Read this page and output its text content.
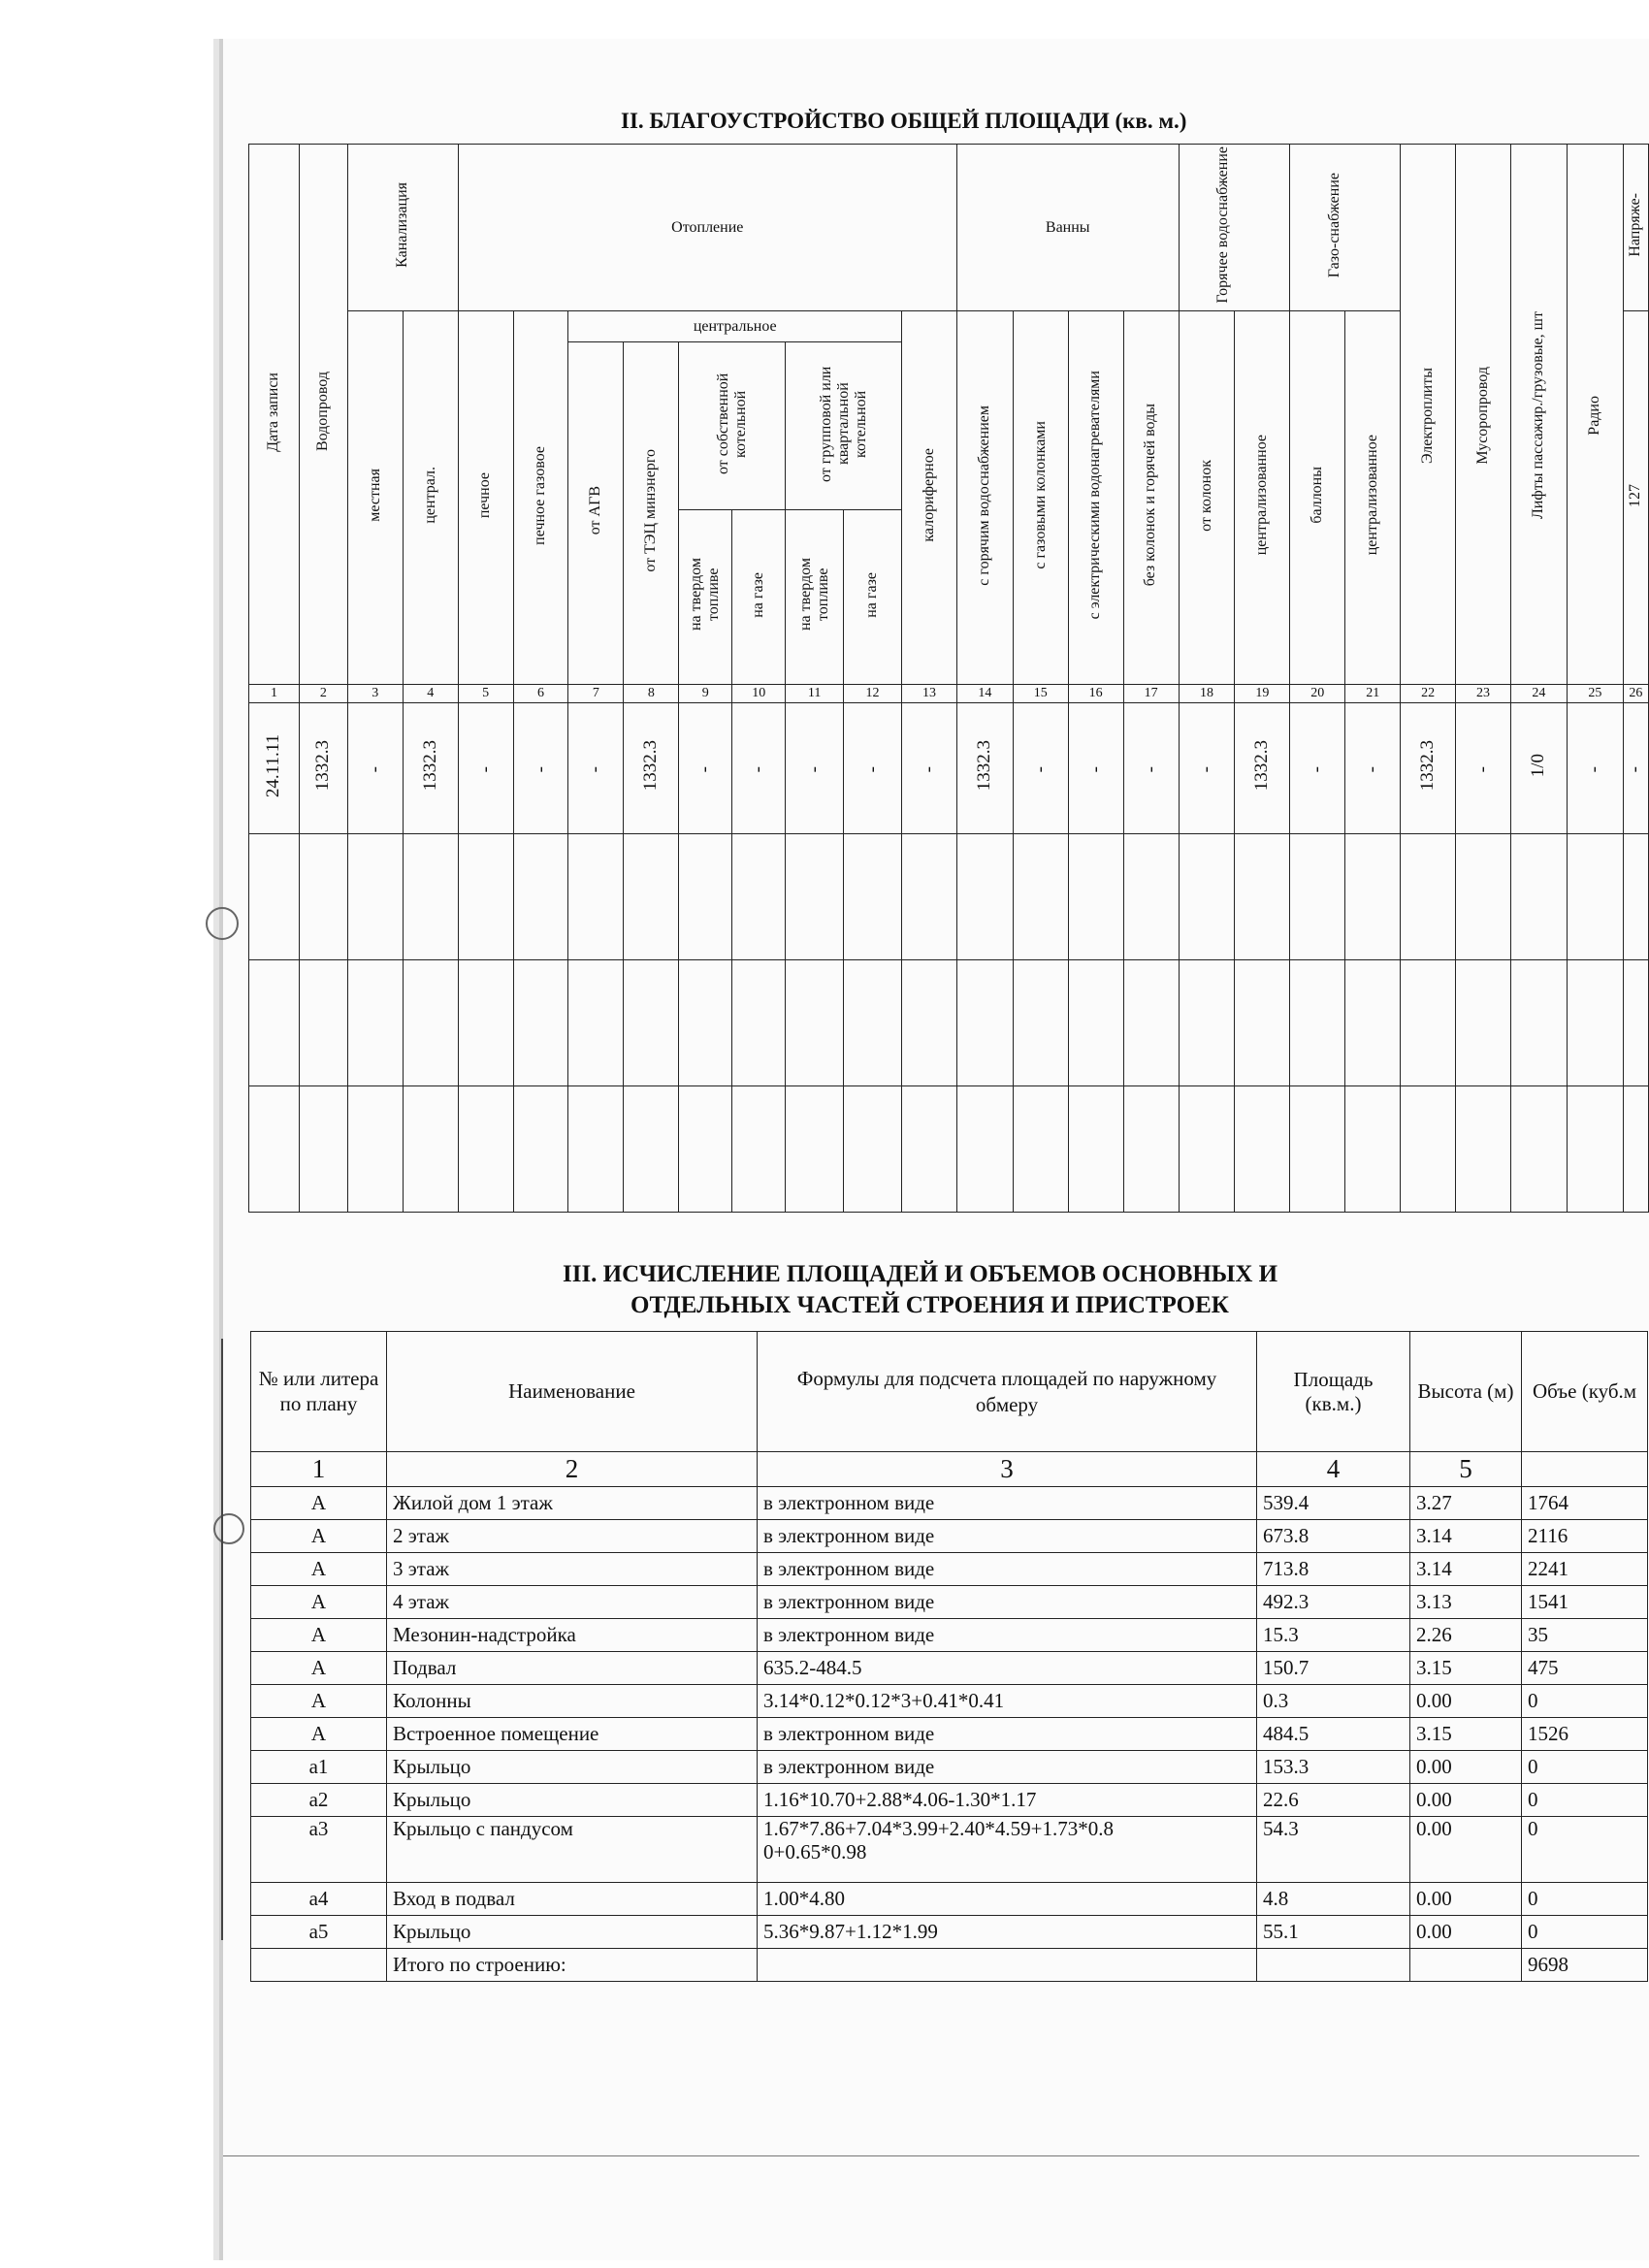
II. БЛАГОУСТРОЙСТВО ОБЩЕЙ ПЛОЩАДИ (кв. м.)
Дата записи	Водопровод	Канализация		Отопление									Ванны				Горячее водоснабжение		Газо-снабжение		Электроплиты	Мусоропровод	Лифты пассажир./грузовые, шт	Радио	Напряже-
		местная	централ.	печное	печное газовое	центральное						калориферное	с горячим водоснабжением	с газовыми колонками	с электрическими водонагревателями	без колонок и горячей воды	от колонок	централизованное	баллоны	централизованное					127
						от АГВ	от ТЭЦ минэнерго	от собственной котельной		от групповой или квартальной котельной															
								на твердом топливе	на газе	на твердом топливе	на газе														
1	2	3	4	5	6	7	8	9	10	11	12	13	14	15	16	17	18	19	20	21	22	23	24	25	26
24.11.11	1332.3	-	1332.3	-	-	-	1332.3	-	-	-	-	-	1332.3	-	-	-	-	1332.3	-	-	1332.3	-	1/0	-	-

III. ИСЧИСЛЕНИЕ ПЛОЩАДЕЙ И ОБЪЕМОВ ОСНОВНЫХ И
ОТДЕЛЬНЫХ ЧАСТЕЙ СТРОЕНИЯ И ПРИСТРОЕК
№ или литера по плану	Наименование	Формулы для подсчета площадей по наружному обмеру	Площадь (кв.м.)	Высота (м)	Объе (куб.м
1	2	3	4	5	
А	Жилой дом 1 этаж	в электронном виде	539.4	3.27	1764
А	2 этаж	в электронном виде	673.8	3.14	2116
А	3 этаж	в электронном виде	713.8	3.14	2241
А	4 этаж	в электронном виде	492.3	3.13	1541
А	Мезонин-надстройка	в электронном виде	15.3	2.26	35
А	Подвал	635.2-484.5	150.7	3.15	475
А	Колонны	3.14*0.12*0.12*3+0.41*0.41	0.3	0.00	0
А	Встроенное помещение	в электронном виде	484.5	3.15	1526
а1	Крыльцо	в электронном виде	153.3	0.00	0
а2	Крыльцо	1.16*10.70+2.88*4.06-1.30*1.17	22.6	0.00	0
а3	Крыльцо с пандусом	1.67*7.86+7.04*3.99+2.40*4.59+1.73*0.8
0+0.65*0.98	54.3	0.00	0
а4	Вход в подвал	1.00*4.80	4.8	0.00	0
а5	Крыльцо	5.36*9.87+1.12*1.99	55.1	0.00	0
	Итого по строению:				9698
